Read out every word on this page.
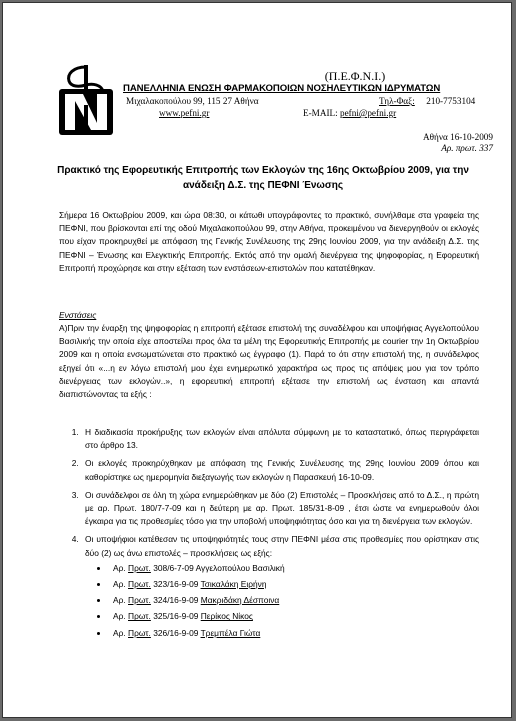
(Π.Ε.Φ.Ν.Ι.)
ΠΑΝΕΛΛΗΝΙΑ ΕΝΩΣΗ ΦΑΡΜΑΚΟΠΟΙΩΝ ΝΟΣΗΛΕΥΤΙΚΩΝ ΙΔΡΥΜΑΤΩΝ
Μιχαλακοπούλου 99, 115 27 Αθήνα	Τηλ-Φαξ: 210-7753104
www.pefni.gr	E-MAIL: pefni@pefni.gr
Αθήνα 16-10-2009
Αρ. πρωτ. 337
Πρακτικό της Εφορευτικής Επιτροπής των Εκλογών της 16ης Οκτωβρίου 2009, για την ανάδειξη Δ.Σ. της ΠΕΦΝΙ Ένωσης
Σήμερα 16 Οκτωβρίου 2009, και ώρα 08:30, οι κάτωθι υπογράφοντες το πρακτικό, συνήλθαμε στα γραφεία της ΠΕΦΝΙ, που βρίσκονται επί της οδού Μιχαλακοπούλου 99, στην Αθήνα, προκειμένου να διενεργηθούν οι εκλογές που είχαν προκηρυχθεί με απόφαση της Γενικής Συνέλευσης της 29ης Ιουνίου 2009, για την ανάδειξη Δ.Σ. της ΠΕΦΝΙ – Ένωσης και Ελεγκτικής Επιτροπής. Εκτός από την ομαλή διενέργεια της ψηφοφορίας, η Εφορευτική Επιτροπή προχώρησε και στην εξέταση των ενστάσεων-επιστολών που κατατέθηκαν.
Ενστάσεις
Α)Πριν την έναρξη της ψηφοφορίας η επιτροπή εξέτασε επιστολή της συναδέλφου και υποψήφιας Αγγελοπούλου Βασιλικής την οποία είχε αποστείλει προς όλα τα μέλη της Εφορευτικής Επιτροπής με courier την 1η Οκτωβρίου 2009 και η οποία ενσωματώνεται στο πρακτικό ως έγγραφο (1). Παρά το ότι στην επιστολή της, η συνάδελφος εξηγεί ότι «...η εν λόγω επιστολή μου έχει ενημερωτικό χαρακτήρα ως προς τις απόψεις μου για τον τρόπο διενέργειας των εκλογών..», η εφορευτική επιτροπή εξέτασε την επιστολή ως ένσταση και απαντά διαπιστώνοντας τα εξής :
1. Η διαδικασία προκήρυξης των εκλογών είναι απόλυτα σύμφωνη με το καταστατικό, όπως περιγράφεται στο άρθρο 13.
2. Οι εκλογές προκηρύχθηκαν με απόφαση της Γενικής Συνέλευσης της 29ης Ιουνίου 2009 όπου και καθορίστηκε ως ημερομηνία διεξαγωγής των εκλογών η Παρασκευή 16-10-09.
3. Οι συνάδελφοι σε όλη τη χώρα ενημερώθηκαν με δύο (2) Επιστολές – Προσκλήσεις από το Δ.Σ., η πρώτη με αρ. Πρωτ. 180/7-7-09 και η δεύτερη με αρ. Πρωτ. 185/31-8-09 , έτσι ώστε να ενημερωθούν όλοι έγκαιρα για τις προθεσμίες τόσο για την υποβολή υποψηφιότητας όσο και για τη διενέργεια των εκλογών.
4. Οι υποψήφιοι κατέθεσαν τις υποψηφιότητές τους στην ΠΕΦΝΙ μέσα στις προθεσμίες που ορίστηκαν στις δύο (2) ως άνω επιστολές – προσκλήσεις ως εξής:
• Αρ. Πρωτ. 308/6-7-09 Αγγελοπούλου Βασιλική
• Αρ. Πρωτ. 323/16-9-09 Τσικαλάκη Ειρήνη
• Αρ. Πρωτ. 324/16-9-09 Μακριδάκη Δέσποινα
• Αρ. Πρωτ. 325/16-9-09 Περίκος Νίκος
• Αρ. Πρωτ. 326/16-9-09 Τρεμπέλα Γιώτα
